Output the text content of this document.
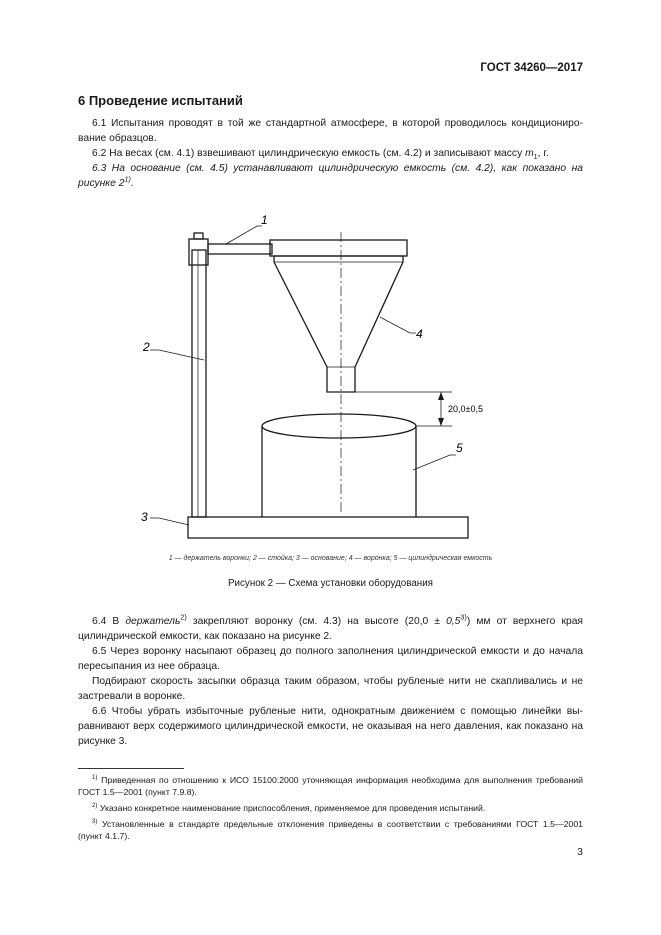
ГОСТ 34260—2017
6 Проведение испытаний
6.1 Испытания проводят в той же стандартной атмосфере, в которой проводилось кондициониро-вание образцов.
6.2 На весах (см. 4.1) взвешивают цилиндрическую емкость (см. 4.2) и записывают массу $m_1$, г.
6.3 На основание (см. 4.5) устанавливают цилиндрическую емкость (см. 4.2), как показано на рисунке 2$^{1)}$.
20,0±0,5
1
2
3
4
5
1 — держатель воронки; 2 — стойка; 3 — основание; 4 — воронка; 5 — цилиндрическая емкость
Рисунок 2 — Схема установки оборудования
6.4 В держатель$^{2)}$ закрепляют воронку (см. 4.3) на высоте $(20,0 \pm 0,5^{3)})$ мм от верхнего края цилиндрической емкости, как показано на рисунке 2.
6.5 Через воронку насыпают образец до полного заполнения цилиндрической емкости и до начала пересыпания из нее образца.
Подбирают скорость засыпки образца таким образом, чтобы рубленые нити не скапливались и не застревали в воронке.
6.6 Чтобы убрать избыточные рубленые нити, однократным движением с помощью линейки вы-равнивают верх содержимого цилиндрической емкости, не оказывая на него давления, как показано на рисунке 3.
$^{1)}$ Приведенная по отношению к ИСО 15100:2000 уточняющая информация необходима для выполнения требований ГОСТ 1.5—2001 (пункт 7.9.8).
$^{2)}$ Указано конкретное наименование приспособления, применяемое для проведения испытаний.
$^{3)}$ Установленные в стандарте предельные отклонения приведены в соответствии с требованиями ГОСТ 1.5—2001 (пункт 4.1.7).
3
